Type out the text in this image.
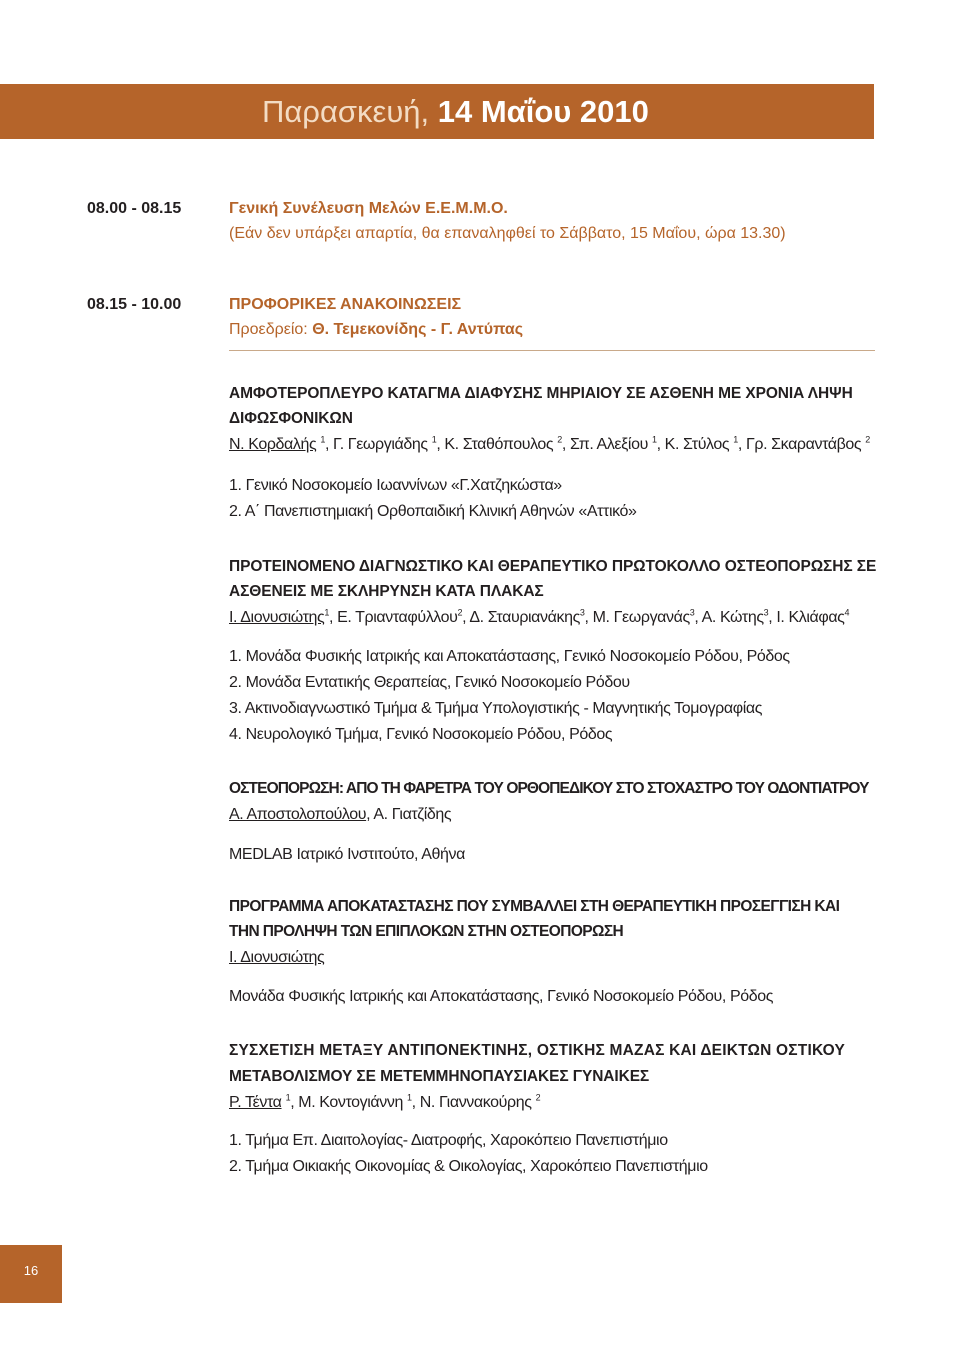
Παρασκευή, 14 Μαΐου 2010
08.00 - 08.15	Γενική Συνέλευση Μελών Ε.Ε.Μ.Μ.Ο.
(Εάν δεν υπάρξει απαρτία, θα επαναληφθεί το Σάββατο, 15 Μαΐου, ώρα 13.30)
08.15 - 10.00	ΠΡΟΦΟΡΙΚΕΣ ΑΝΑΚΟΙΝΩΣΕΙΣ
Προεδρείο: Θ. Τεμεκονίδης - Γ. Αντύπας
ΑΜΦΟΤΕΡΟΠΛΕΥΡΟ ΚΑΤΑΓΜΑ ΔΙΑΦΥΣΗΣ ΜΗΡΙΑΙΟΥ ΣΕ ΑΣΘΕΝΗ ΜΕ ΧΡΟΝΙΑ ΛΗΨΗ
ΔΙΦΩΣΦΟΝΙΚΩΝ
Ν. Κορδαλής $^1$, Γ. Γεωργιάδης $^1$, Κ. Σταθόπουλος $^2$, Σπ. Αλεξίου $^1$, Κ. Στύλος $^1$, Γρ. Σκαραντάβος $^2$
1. Γενικό Νοσοκομείο Ιωαννίνων «Γ.Χατζηκώστα»
2. Α΄ Πανεπιστημιακή Ορθοπαιδική Κλινική Αθηνών «Αττικό»
ΠΡΟΤΕΙΝΟΜΕΝΟ ΔΙΑΓΝΩΣΤΙΚΟ ΚΑΙ ΘΕΡΑΠΕΥΤΙΚΟ ΠΡΩΤΟΚΟΛΛΟ ΟΣΤΕΟΠΟΡΩΣΗΣ ΣΕ
ΑΣΘΕΝΕΙΣ ΜΕ ΣΚΛΗΡΥΝΣΗ ΚΑΤΑ ΠΛΑΚΑΣ
Ι. Διονυσιώτης$^1$, Ε. Τριανταφύλλου$^2$, Δ. Σταυριανάκης$^3$, Μ. Γεωργανάς$^3$, Α. Κώτης$^3$, Ι. Κλιάφας$^4$
1. Μονάδα Φυσικής Ιατρικής και Αποκατάστασης, Γενικό Νοσοκομείο Ρόδου, Ρόδος
2. Μονάδα Εντατικής Θεραπείας, Γενικό Νοσοκομείο Ρόδου
3. Ακτινοδιαγνωστικό Τμήμα & Τμήμα Υπολογιστικής - Μαγνητικής Τομογραφίας
4. Νευρολογικό Τμήμα, Γενικό Νοσοκομείο Ρόδου, Ρόδος
ΟΣΤΕΟΠΟΡΩΣΗ: ΑΠΟ ΤΗ ΦΑΡΕΤΡΑ ΤΟΥ ΟΡΘΟΠΕΔΙΚΟΥ ΣΤΟ ΣΤΟΧΑΣΤΡΟ ΤΟΥ ΟΔΟΝΤΙΑΤΡΟΥ
Α. Αποστολοπούλου, Α. Γιατζίδης
MEDLAB Ιατρικό Ινστιτούτο, Αθήνα
ΠΡΟΓΡΑΜΜΑ ΑΠΟΚΑΤΑΣΤΑΣΗΣ ΠΟΥ ΣΥΜΒΑΛΛΕΙ ΣΤΗ ΘΕΡΑΠΕΥΤΙΚΗ ΠΡΟΣΕΓΓΙΣΗ ΚΑΙ
ΤΗΝ ΠΡΟΛΗΨΗ ΤΩΝ ΕΠΙΠΛΟΚΩΝ ΣΤΗΝ ΟΣΤΕΟΠΟΡΩΣΗ
Ι. Διονυσιώτης
Μονάδα Φυσικής Ιατρικής και Αποκατάστασης, Γενικό Νοσοκομείο Ρόδου, Ρόδος
ΣΥΣΧΕΤΙΣΗ ΜΕΤΑΞΥ ΑΝΤΙΠΟΝΕΚΤΙΝΗΣ, ΟΣΤΙΚΗΣ ΜΑΖΑΣ ΚΑΙ ΔΕΙΚΤΩΝ ΟΣΤΙΚΟΥ
ΜΕΤΑΒΟΛΙΣΜΟΥ ΣΕ ΜΕΤΕΜΜΗΝΟΠΑΥΣΙΑΚΕΣ ΓΥΝΑΙΚΕΣ
Ρ. Τέντα $^1$, Μ. Κοντογιάννη $^1$, Ν. Γιαννακούρης $^2$
1. Τμήμα Επ. Διαιτολογίας- Διατροφής, Χαροκόπειο Πανεπιστήμιο
2. Τμήμα Οικιακής Οικονομίας & Οικολογίας, Χαροκόπειο Πανεπιστήμιο
16
